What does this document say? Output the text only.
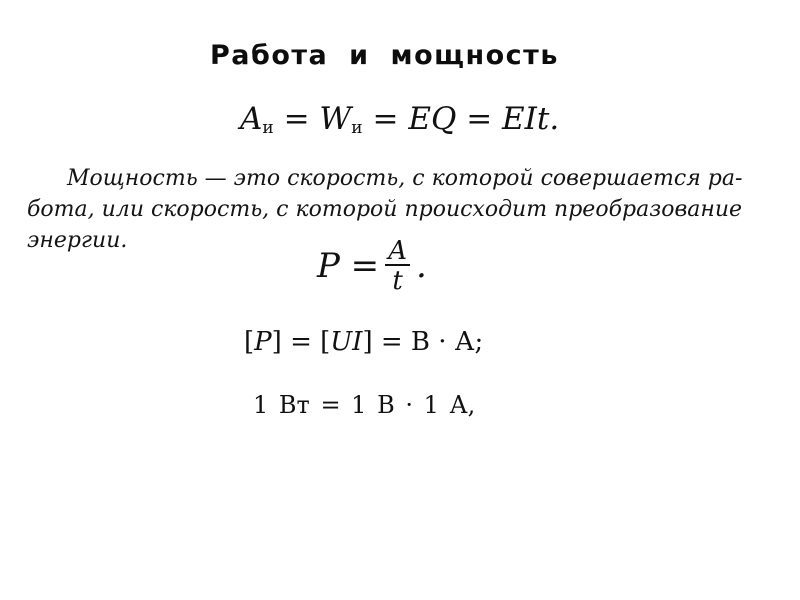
Работа и мощность
$A_и = W_и$ = EQ = EIt.
Мощность — это скорость, с которой совершается ра-
бота, или скорость, с которой происходит преобразование
энергии.
$P = \frac{A}{t}$ .
[P] = [UI] = В · А;
1 Вт = 1 В · 1 А,
